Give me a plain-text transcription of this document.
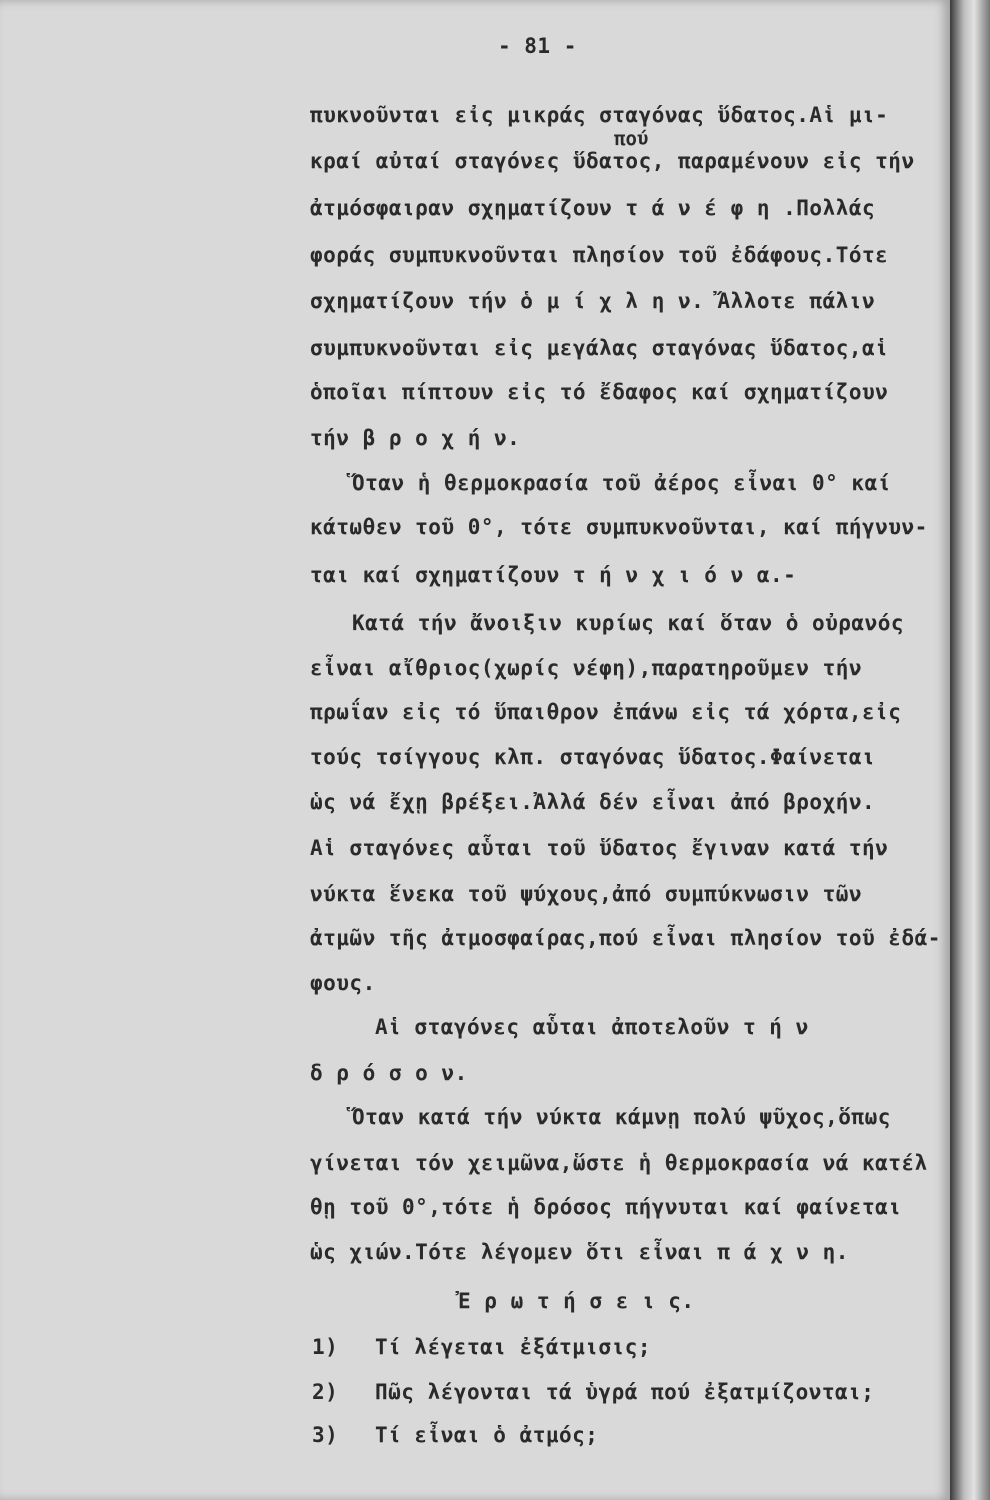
- 81 -
πού
πυκνοῦνται εἰς μικράς σταγόνας ὕδατος.Αἱ μι-
κραί αὐταί σταγόνες ὕδατος, παραμένουν εἰς τήν
ἀτμόσφαιραν σχηματίζουν τ ά ν έ φ η .Πολλάς
φοράς συμπυκνοῦνται πλησίον τοῦ ἐδάφους.Τότε
σχηματίζουν τήν ὁ μ ί χ λ η ν. Ἄλλοτε πάλιν
συμπυκνοῦνται εἰς μεγάλας σταγόνας ὕδατος,αἱ
ὁποῖαι πίπτουν εἰς τό ἔδαφος καί σχηματίζουν
τήν β ρ ο χ ή ν.
Ὅταν ἡ θερμοκρασία τοῦ ἀέρος εἶναι 0° καί
κάτωθεν τοῦ 0°, τότε συμπυκνοῦνται, καί πήγνυν-
ται καί σχηματίζουν τ ή ν χ ι ό ν α.-
Κατά τήν ἄνοιξιν κυρίως καί ὅταν ὁ οὐρανός
εἶναι αἴθριος(χωρίς νέφη),παρατηροῦμεν τήν
πρωΐαν εἰς τό ὕπαιθρον ἐπάνω εἰς τά χόρτα,εἰς
τούς τσίγγους κλπ. σταγόνας ὕδατος.Φαίνεται
ὡς νά ἔχῃ βρέξει.Ἀλλά δέν εἶναι ἀπό βροχήν.
Αἱ σταγόνες αὗται τοῦ ὕδατος ἔγιναν κατά τήν
νύκτα ἕνεκα τοῦ ψύχους,ἀπό συμπύκνωσιν τῶν
ἀτμῶν τῆς ἀτμοσφαίρας,πού εἶναι πλησίον τοῦ ἐδά-
φους.
Αἱ σταγόνες αὗται ἀποτελοῦν τ ή ν
δ ρ ό σ ο ν.
Ὅταν κατά τήν νύκτα κάμνῃ πολύ ψῦχος,ὅπως
γίνεται τόν χειμῶνα,ὥστε ἡ θερμοκρασία νά κατέλ
θῃ τοῦ 0°,τότε ἡ δρόσος πήγνυται καί φαίνεται
ὡς χιών.Τότε λέγομεν ὅτι εἶναι π ά χ ν η.
Ἐ ρ ω τ ή σ ε ι ς.
1) Τί λέγεται ἐξάτμισις;
2) Πῶς λέγονται τά ὑγρά πού ἐξατμίζονται;
3) Τί εἶναι ὁ ἀτμός;
